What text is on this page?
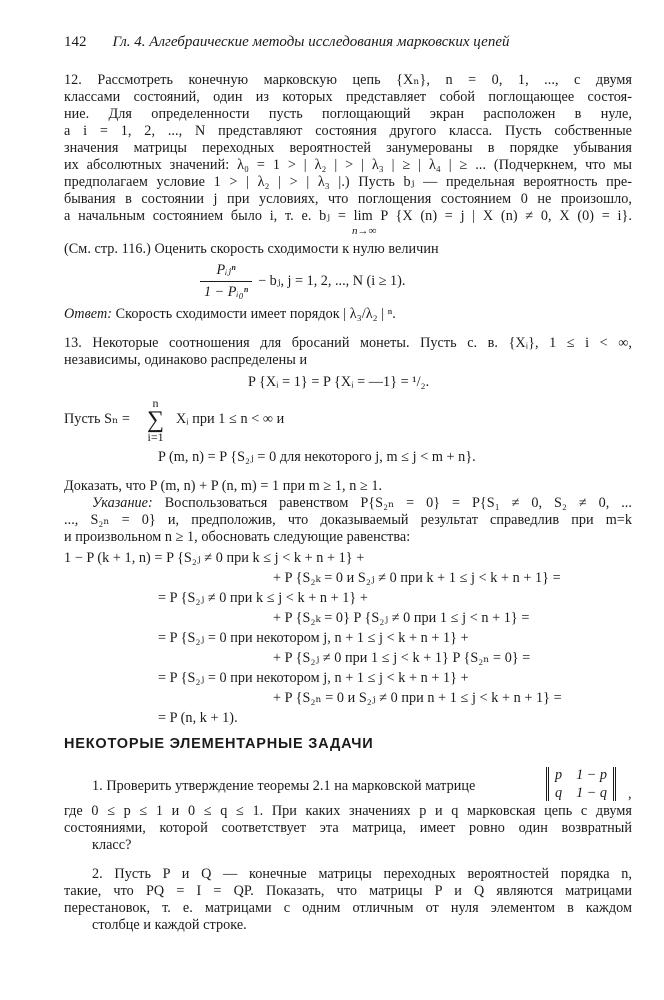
142 Гл. 4. Алгебраические методы исследования марковских цепей
12. Рассмотреть конечную марковскую цепь {Xₙ}, n = 0, 1, ..., с двумя
классами состояний, один из которых представляет собой поглощающее состоя-
ние. Для определенности пусть поглощающий экран расположен в нуле,
a i = 1, 2, ..., N представляют состояния другого класса. Пусть собственные
значения матрицы переходных вероятностей занумерованы в порядке убывания
их абсолютных значений: λ₀ = 1 > | λ₂ | > | λ₃ | ≥ | λ₄ | ≥ ... (Подчеркнем, что мы
предполагаем условие 1 > | λ₂ | > | λ₃ |.) Пусть bⱼ — предельная вероятность пре-
бывания в состоянии j при условиях, что поглощения состоянием 0 не произошло,
а начальным состоянием было i, т. е. bⱼ = lim P {X (n) = j | X (n) ≠ 0, X (0) = i}.
n→∞
(См. стр. 116.) Оценить скорость сходимости к нулю величин
$\frac{\text{Pᵢⱼⁿ}}{\text{1 − Pᵢ₀ⁿ}}$ − bⱼ, j = 1, 2, ..., N (i ≥ 1).
Ответ: Скорость сходимости имеет порядок | λ₃/λ₂ | ⁿ.
13. Некоторые соотношения для бросаний монеты. Пусть с. в. {Xᵢ}, 1 ≤ i < ∞,
независимы, одинаково распределены и
P {Xᵢ = 1} = P {Xᵢ = —1} = ¹/₂.
Пусть Sₙ =
n
∑
i=1
Xᵢ при 1 ≤ n < ∞ и
P (m, n) = P {S₂ⱼ = 0 для некоторого j, m ≤ j < m + n}.
Доказать, что P (m, n) + P (n, m) = 1 при m ≥ 1, n ≥ 1.
Указание: Воспользоваться равенством P{S₂ₙ = 0} = P{S₁ ≠ 0, S₂ ≠ 0, ...
..., S₂ₙ = 0} и, предположив, что доказываемый результат справедлив при m=k
и произвольном n ≥ 1, обосновать следующие равенства:
1 − P (k + 1, n) = P {S₂ⱼ ≠ 0 при k ≤ j < k + n + 1} +
+ P {S₂ₖ = 0 и S₂ⱼ ≠ 0 при k + 1 ≤ j < k + n + 1} =
= P {S₂ⱼ ≠ 0 при k ≤ j < k + n + 1} +
+ P {S₂ₖ = 0} P {S₂ⱼ ≠ 0 при 1 ≤ j < n + 1} =
= P {S₂ⱼ = 0 при некотором j, n + 1 ≤ j < k + n + 1} +
+ P {S₂ⱼ ≠ 0 при 1 ≤ j < k + 1} P {S₂ₙ = 0} =
= P {S₂ⱼ = 0 при некотором j, n + 1 ≤ j < k + n + 1} +
+ P {S₂ₙ = 0 и S₂ⱼ ≠ 0 при n + 1 ≤ j < k + n + 1} =
= P (n, k + 1).
НЕКОТОРЫЕ ЭЛЕМЕНТАРНЫЕ ЗАДАЧИ
1. Проверить утверждение теоремы 2.1 на марковской матрице
p 1 − p
q 1 − q ,
где 0 ≤ p ≤ 1 и 0 ≤ q ≤ 1. При каких значениях p и q марковская цепь с двумя
состояниями, которой соответствует эта матрица, имеет ровно один возвратный
класс?
2. Пусть P и Q — конечные матрицы переходных вероятностей порядка n,
такие, что PQ = I = QP. Показать, что матрицы P и Q являются матрицами
перестановок, т. е. матрицами с одним отличным от нуля элементом в каждом
столбце и каждой строке.
